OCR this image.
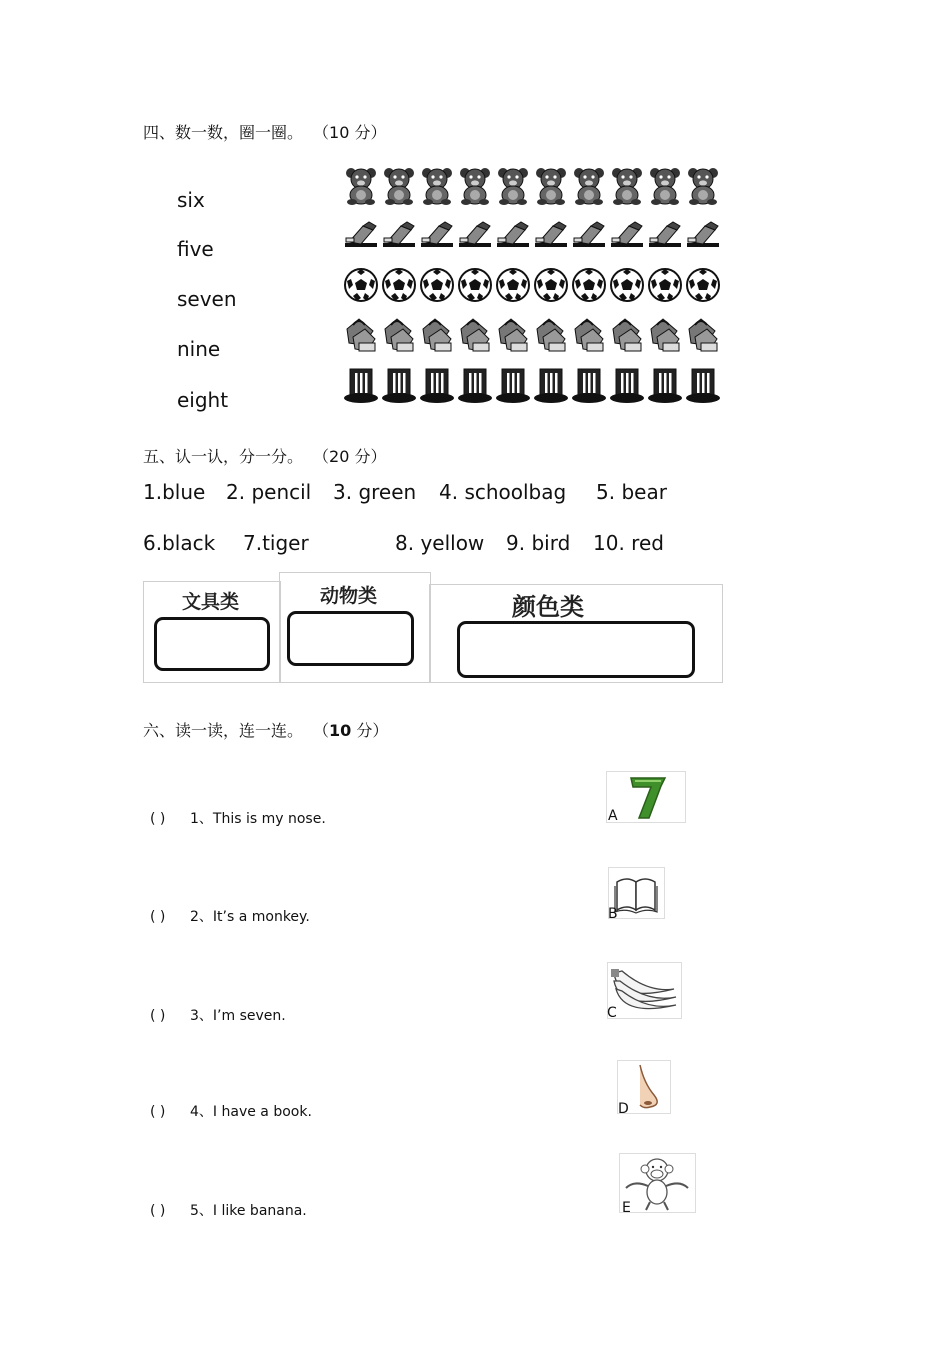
四、数一数，圈一圈。 （10 分）
six
five
seven
nine
eight
五、认一认，分一分。 （20 分）
1.blue 2. pencil 3. green 4. schoolbag 5. bear
6.black 7.tiger	8. yellow 9. bird 10. red
文具类	动物类	颜色类
六、读一读，连一连。 （10 分）
( ) 1、This is my nose.
( ) 2、It’s a monkey.
( ) 3、I’m seven.
( ) 4、I have a book.
( ) 5、I like banana.
A
B
C
D
E
